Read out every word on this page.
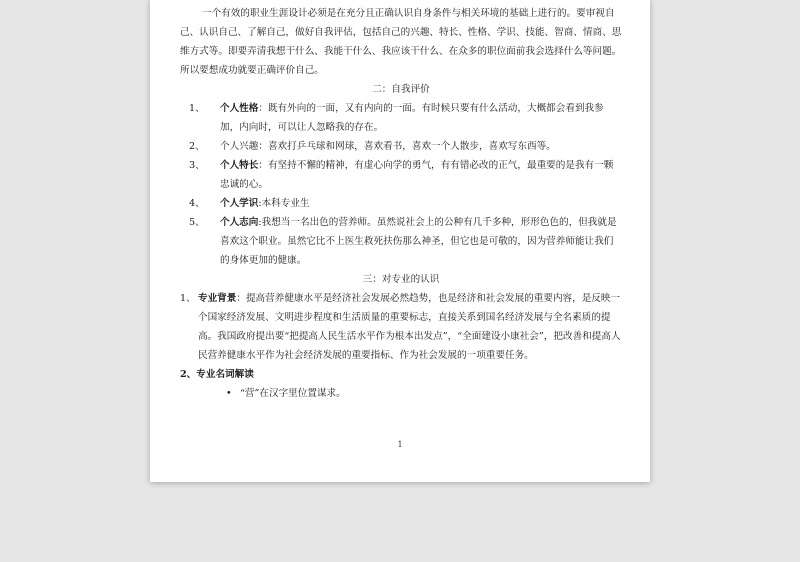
一个有效的职业生涯设计必须是在充分且正确认识自身条件与相关环境的基础上进行的。要审视自己、认识自己、了解自己，做好自我评估，包括自己的兴趣、特长、性格、学识、技能、智商、情商、思维方式等。即要弄清我想干什么、我能干什么、我应该干什么、在众多的职位面前我会选择什么等问题。所以要想成功就要正确评价自己。

二：自我评价

1、 个人性格：既有外向的一面，又有内向的一面。有时候只要有什么活动，大概都会看到我参加，内向时，可以让人忽略我的存在。

2、 个人兴趣：喜欢打乒乓球和网球，喜欢看书，喜欢一个人散步，喜欢写东西等。

3、 个人特长：有坚持不懈的精神，有虚心向学的勇气，有有错必改的正气，最重要的是我有一颗忠诚的心。

4、 个人学识:本科专业生

5、 个人志向:我想当一名出色的营养师。虽然说社会上的公种有几千多种，形形色色的，但我就是喜欢这个职业。虽然它比不上医生救死扶伤那么神圣，但它也是可敬的，因为营养师能让我们的身体更加的健康。

三：对专业的认识

1、 专业背景：提高营养健康水平是经济社会发展必然趋势，也是经济和社会发展的重要内容，是反映一个国家经济发展、文明进步程度和生活质量的重要标志，直接关系到国名经济发展与全名素质的提高。我国政府提出要“把提高人民生活水平作为根本出发点”，“全面建设小康社会”，把改善和提高人民营养健康水平作为社会经济发展的重要指标、作为社会发展的一项重要任务。

2、专业名词解读

• “营”在汉字里位置谋求。

1
